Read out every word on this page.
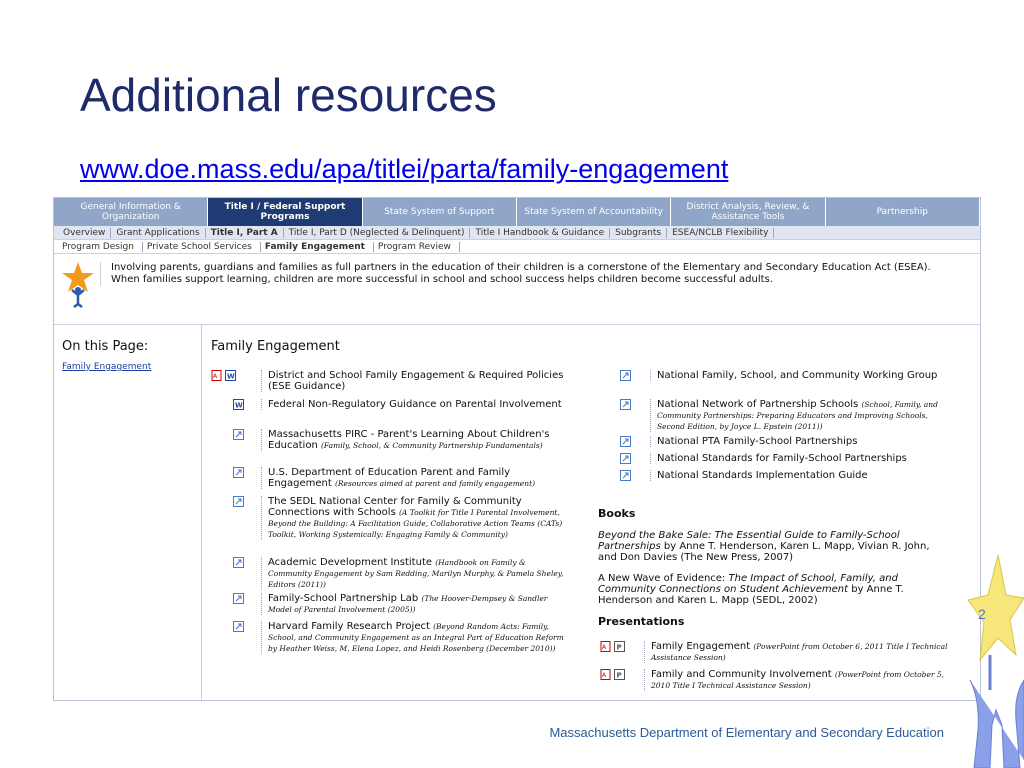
Additional resources
www.doe.mass.edu/apa/titlei/parta/family-engagement
General Information & Organization
Title I / Federal Support Programs	State System of Support	State System of Accountability	District Analysis, Review, & Assistance Tools	Partnership
Overview	Grant Applications	Title I, Part A	Title I, Part D (Neglected & Delinquent)	Title I Handbook & Guidance	Subgrants	ESEA/NCLB Flexibility
Program Design	Private School Services	Family Engagement	Program Review
Involving parents, guardians and families as full partners in the education of their children is a cornerstone of the Elementary and Secondary Education Act (ESEA). When families support learning, children are more successful in school and school success helps children become successful adults.
On this Page:
Family Engagement
Family Engagement
A
W	District and School Family Engagement & Required Policies (ESE Guidance)
W	Federal Non-Regulatory Guidance on Parental Involvement
Massachusetts PIRC - Parent's Learning About Children's Education (Family, School, & Community Partnership Fundamentals)
U.S. Department of Education Parent and Family Engagement (Resources aimed at parent and family engagement)
The SEDL National Center for Family & Community Connections with Schools (A Toolkit for Title I Parental Involvement, Beyond the Building: A Facilitation Guide, Collaborative Action Teams (CATs) Toolkit, Working Systemically: Engaging Family & Community)
Academic Development Institute (Handbook on Family & Community Engagement by Sam Redding, Marilyn Murphy, & Pamela Sheley, Editors (2011))
Family-School Partnership Lab (The Hoover-Dempsey & Sandler Model of Parental Involvement (2005))
Harvard Family Research Project (Beyond Random Acts: Family, School, and Community Engagement as an Integral Part of Education Reform by Heather Weiss, M. Elena Lopez, and Heidi Rosenberg (December 2010))
National Family, School, and Community Working Group
National Network of Partnership Schools (School, Family, and Community Partnerships: Preparing Educators and Improving Schools, Second Edition, by Joyce L. Epstein (2011))
National PTA Family-School Partnerships
National Standards for Family-School Partnerships
National Standards Implementation Guide
Books
Beyond the Bake Sale: The Essential Guide to Family-School Partnerships by Anne T. Henderson, Karen L. Mapp, Vivian R. John, and Don Davies (The New Press, 2007)
A New Wave of Evidence: The Impact of School, Family, and Community Connections on Student Achievement by Anne T. Henderson and Karen L. Mapp (SEDL, 2002)
Presentations
A
P	Family Engagement (PowerPoint from October 6, 2011 Title I Technical Assistance Session)
A
P	Family and Community Involvement (PowerPoint from October 5, 2010 Title I Technical Assistance Session)
2
Massachusetts Department of Elementary and Secondary Education
